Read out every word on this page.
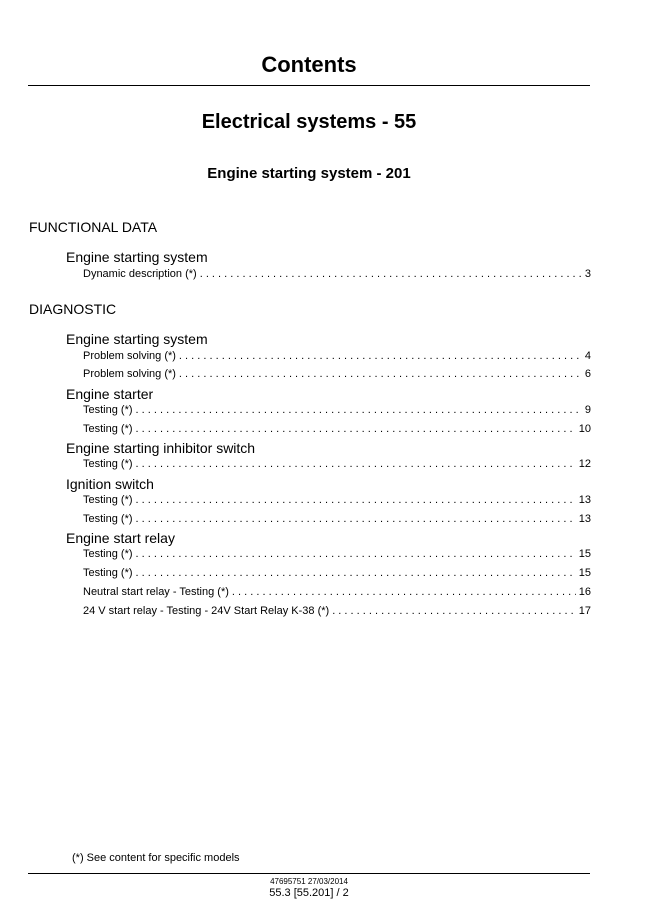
Contents
Electrical systems - 55
Engine starting system - 201
FUNCTIONAL DATA
Engine starting system
Dynamic description (*) . . .	3
DIAGNOSTIC
Engine starting system
Problem solving (*) . . .	4
Problem solving (*) . . .	6
Engine starter
Testing (*) . . .	9
Testing (*) . . .	10
Engine starting inhibitor switch
Testing (*) . . .	12
Ignition switch
Testing (*) . . .	13
Testing (*) . . .	13
Engine start relay
Testing (*) . . .	15
Testing (*) . . .	15
Neutral start relay - Testing (*) . . .	16
24 V start relay - Testing - 24V Start Relay K-38 (*) . . .	17
(*) See content for specific models
47695751 27/03/2014
55.3 [55.201] / 2
